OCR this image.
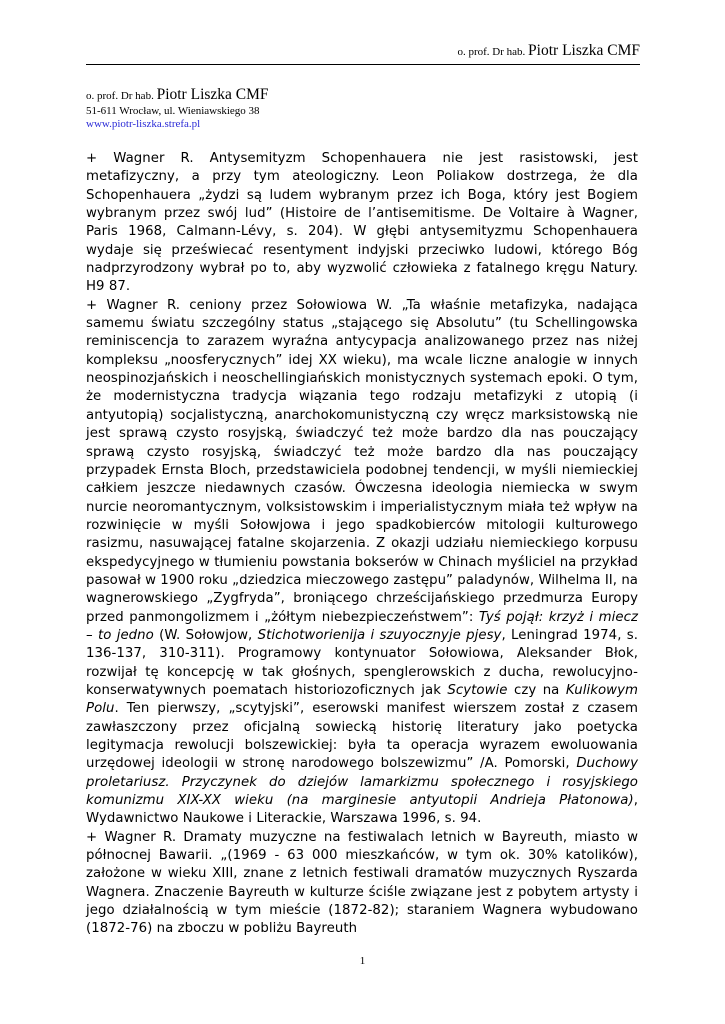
o. prof. Dr hab. Piotr Liszka CMF
o. prof. Dr hab. Piotr Liszka CMF
51-611 Wrocław, ul. Wieniawskiego 38
www.piotr-liszka.strefa.pl

+ Wagner R. Antysemityzm Schopenhauera nie jest rasistowski, jest metafizyczny, a przy tym ateologiczny. Leon Poliakow dostrzega, że dla Schopenhauera „żydzi są ludem wybranym przez ich Boga, który jest Bogiem wybranym przez swój lud” (Histoire de l’antisemitisme. De Voltaire à Wagner, Paris 1968, Calmann-Lévy, s. 204). W głębi antysemityzmu Schopenhauera wydaje się przeświecać resentyment indyjski przeciwko ludowi, którego Bóg nadprzyrodzony wybrał po to, aby wyzwolić człowieka z fatalnego kręgu Natury. H9 87.

+ Wagner R. ceniony przez Sołowiowa W. „Ta właśnie metafizyka, nadająca samemu światu szczególny status „stającego się Absolutu” (tu Schellingowska reminiscencja to zarazem wyraźna antycypacja analizowanego przez nas niżej kompleksu „noosferycznych” idej XX wieku), ma wcale liczne analogie w innych neospinozjańskich i neoschellingiańskich monistycznych systemach epoki. O tym, że modernistyczna tradycja wiązania tego rodzaju metafizyki z utopią (i antyutopią) socjalistyczną, anarchokomunistyczną czy wręcz marksistowską nie jest sprawą czysto rosyjską, świadczyć też może bardzo dla nas pouczający sprawą czysto rosyjską, świadczyć też może bardzo dla nas pouczający przypadek Ernsta Bloch, przedstawiciela podobnej tendencji, w myśli niemieckiej całkiem jeszcze niedawnych czasów. Ówczesna ideologia niemiecka w swym nurcie neoromantycznym, volksistowskim i imperialistycznym miała też wpływ na rozwinięcie w myśli Sołowjowa i jego spadkobierców mitologii kulturowego rasizmu, nasuwającej fatalne skojarzenia. Z okazji udziału niemieckiego korpusu ekspedycyjnego w tłumieniu powstania bokserów w Chinach myśliciel na przykład pasował w 1900 roku „dziedzica mieczowego zastępu” paladynów, Wilhelma II, na wagnerowskiego „Zygfryda”, broniącego chrześcijańskiego przedmurza Europy przed panmongolizmem i „żółtym niebezpieczeństwem”: Tyś pojął: krzyż i miecz – to jedno (W. Sołowjow, Stichotworienija i szuyocznyje pjesy, Leningrad 1974, s. 136-137, 310-311). Programowy kontynuator Sołowiowa, Aleksander Błok, rozwijał tę koncepcję w tak głośnych, spenglerowskich z ducha, rewolucyjno-konserwatywnych poematach historiozoficznych jak Scytowie czy na Kulikowym Polu. Ten pierwszy, „scytyjski”, eserowski manifest wierszem został z czasem zawłaszczony przez oficjalną sowiecką historię literatury jako poetycka legitymacja rewolucji bolszewickiej: była ta operacja wyrazem ewoluowania urzędowej ideologii w stronę narodowego bolszewizmu” /A. Pomorski, Duchowy proletariusz. Przyczynek do dziejów lamarkizmu społecznego i rosyjskiego komunizmu XIX-XX wieku (na marginesie antyutopii Andrieja Płatonowa), Wydawnictwo Naukowe i Literackie, Warszawa 1996, s. 94.

+ Wagner R. Dramaty muzyczne na festiwalach letnich w Bayreuth, miasto w północnej Bawarii. „(1969 - 63 000 mieszkańców, w tym ok. 30% katolików), założone w wieku XIII, znane z letnich festiwali dramatów muzycznych Ryszarda Wagnera. Znaczenie Bayreuth w kulturze ściśle związane jest z pobytem artysty i jego działalnością w tym mieście (1872-82); staraniem Wagnera wybudowano (1872-76) na zboczu w pobliżu Bayreuth

1
